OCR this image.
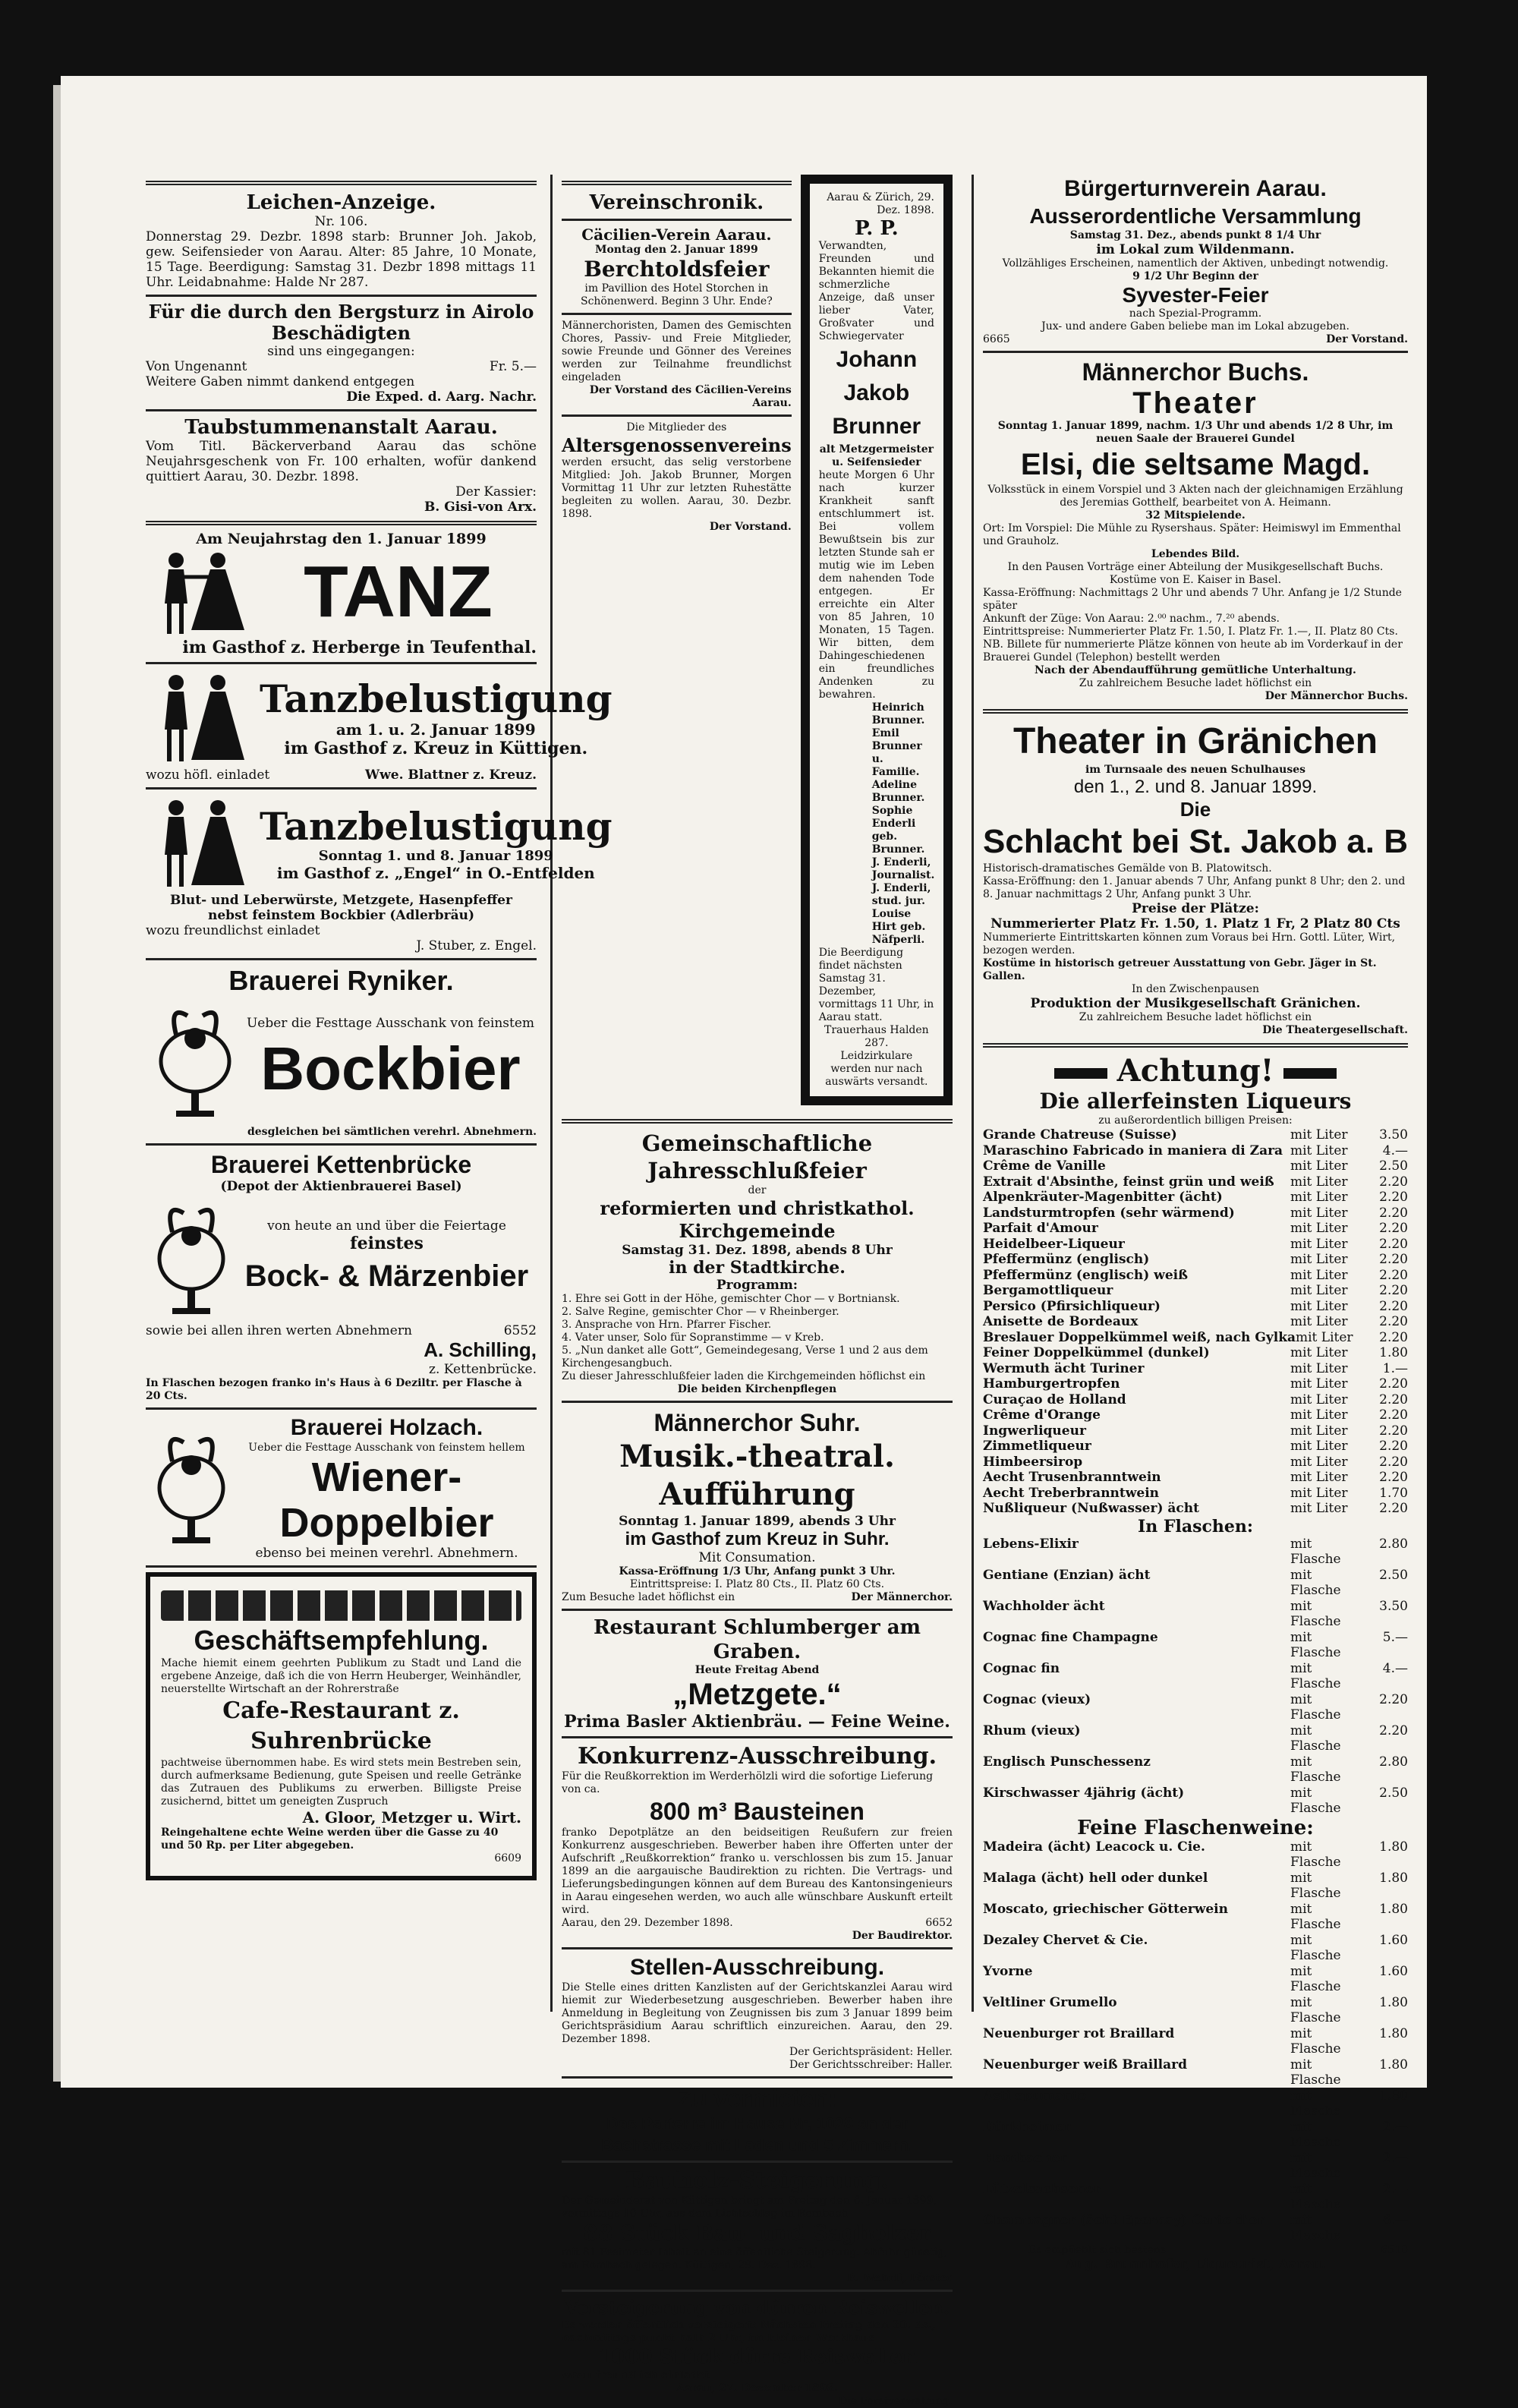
Leichen-Anzeige.
Nr. 106.
Donnerstag 29. Dezbr. 1898 starb: Brunner Joh. Jakob, gew. Seifensieder von Aarau. Alter: 85 Jahre, 10 Monate, 15 Tage. Beerdigung: Samstag 31. Dezbr 1898 mittags 11 Uhr. Leidabnahme: Halde Nr 287.
Für die durch den Bergsturz in Airolo Beschädigten
sind uns eingegangen:
Von Ungenannt	Fr. 5.—
Weitere Gaben nimmt dankend entgegen
Die Exped. d. Aarg. Nachr.
Taubstummenanstalt Aarau.
Vom Titl. Bäckerverband Aarau das schöne Neujahrsgeschenk von Fr. 100 erhalten, wofür dankend quittiert Aarau, 30. Dezbr. 1898.
Der Kassier:
B. Gisi-von Arx.
Am Neujahrstag den 1. Januar 1899
TANZ
im Gasthof z. Herberge in Teufenthal.
Tanzbelustigung
am 1. u. 2. Januar 1899
im Gasthof z. Kreuz in Küttigen.
wozu höfl. einladet	Wwe. Blattner z. Kreuz.
Tanzbelustigung
Sonntag 1. und 8. Januar 1899
im Gasthof z. „Engel“ in O.-Entfelden
Blut- und Leberwürste, Metzgete, Hasenpfeffer
nebst feinstem Bockbier (Adlerbräu)
wozu freundlichst einladet
J. Stuber, z. Engel.
Brauerei Ryniker.
Ueber die Festtage Ausschank von feinstem
Bockbier
desgleichen bei sämtlichen verehrl. Abnehmern.
Brauerei Kettenbrücke
(Depot der Aktienbrauerei Basel)
von heute an und über die Feiertage
feinstes
Bock- & Märzenbier
sowie bei allen ihren werten Abnehmern	6552
A. Schilling,
z. Kettenbrücke.
In Flaschen bezogen franko in's Haus à 6 Deziltr. per Flasche à 20 Cts.
Brauerei Holzach.
Ueber die Festtage Ausschank von feinstem hellem
Wiener-
Doppelbier
ebenso bei meinen verehrl. Abnehmern.
Geschäftsempfehlung.
Mache hiemit einem geehrten Publikum zu Stadt und Land die ergebene Anzeige, daß ich die von Herrn Heuberger, Weinhändler, neuerstellte Wirtschaft an der Rohrerstraße
Cafe-Restaurant z. Suhrenbrücke
pachtweise übernommen habe. Es wird stets mein Bestreben sein, durch aufmerksame Bedienung, gute Speisen und reelle Getränke das Zutrauen des Publikums zu erwerben. Billigste Preise zusichernd, bittet um geneigten Zuspruch
A. Gloor, Metzger u. Wirt.
Reingehaltene echte Weine werden über die Gasse zu 40 und 50 Rp. per Liter abgegeben.
6609
Vereinschronik.
Cäcilien-Verein Aarau.
Montag den 2. Januar 1899
Berchtoldsfeier
im Pavillion des Hotel Storchen in Schönenwerd. Beginn 3 Uhr. Ende?
Männerchoristen, Damen des Gemischten Chores, Passiv- und Freie Mitglieder, sowie Freunde und Gönner des Vereines werden zur Teilnahme freundlichst eingeladen
Der Vorstand des Cäcilien-Vereins Aarau.
Die Mitglieder des
Altersgenossenvereins
werden ersucht, das selig verstorbene Mitglied: Joh. Jakob Brunner, Morgen Vormittag 11 Uhr zur letzten Ruhestätte begleiten zu wollen. Aarau, 30. Dezbr. 1898.
Der Vorstand.
Aarau & Zürich, 29. Dez. 1898.
P. P.
Verwandten, Freunden und Bekannten hiemit die schmerzliche Anzeige, daß unser lieber Vater, Großvater und Schwiegervater
Johann Jakob Brunner
alt Metzgermeister u. Seifensieder
heute Morgen 6 Uhr nach kurzer Krankheit sanft entschlummert ist. Bei vollem Bewußtsein bis zur letzten Stunde sah er mutig wie im Leben dem nahenden Tode entgegen. Er erreichte ein Alter von 85 Jahren, 10 Monaten, 15 Tagen. Wir bitten, dem Dahingeschiedenen ein freundliches Andenken zu bewahren.
Heinrich Brunner.
Emil Brunner u. Familie.
Adeline Brunner.
Sophie Enderli geb. Brunner.
J. Enderli, Journalist.
J. Enderli, stud. jur.
Louise Hirt geb. Näfperli.
Die Beerdigung findet nächsten Samstag 31. Dezember, vormittags 11 Uhr, in Aarau statt.
Trauerhaus Halden 287.
Leidzirkulare werden nur nach auswärts versandt.
Gemeinschaftliche Jahresschlußfeier
der
reformierten und christkathol. Kirchgemeinde
Samstag 31. Dez. 1898, abends 8 Uhr
in der Stadtkirche.
Programm:
1. Ehre sei Gott in der Höhe, gemischter Chor — v Bortniansk.
2. Salve Regine, gemischter Chor — v Rheinberger.
3. Ansprache von Hrn. Pfarrer Fischer.
4. Vater unser, Solo für Sopranstimme — v Kreb.
5. „Nun danket alle Gott“, Gemeindegesang, Verse 1 und 2 aus dem Kirchengesangbuch.
Zu dieser Jahresschlußfeier laden die Kirchgemeinden höflichst ein
Die beiden Kirchenpflegen
Männerchor Suhr.
Musik.-theatral. Aufführung
Sonntag 1. Januar 1899, abends 3 Uhr
im Gasthof zum Kreuz in Suhr.
Mit Consumation.
Kassa-Eröffnung 1/3 Uhr, Anfang punkt 3 Uhr.
Eintrittspreise: I. Platz 80 Cts., II. Platz 60 Cts.
Zum Besuche ladet höflichst ein	Der Männerchor.
Restaurant Schlumberger am Graben.
Heute Freitag Abend
„Metzgete.“
Prima Basler Aktienbräu. — Feine Weine.
Konkurrenz-Ausschreibung.
Für die Reußkorrektion im Werderhölzli wird die sofortige Lieferung von ca.
800 m³ Bausteinen
franko Depotplätze an den beidseitigen Reußufern zur freien Konkurrenz ausgeschrieben. Bewerber haben ihre Offerten unter der Aufschrift „Reußkorrektion“ franko u. verschlossen bis zum 15. Januar 1899 an die aargauische Baudirektion zu richten. Die Vertrags- und Lieferungsbedingungen können auf dem Bureau des Kantonsingenieurs in Aarau eingesehen werden, wo auch alle wünschbare Auskunft erteilt wird.
Aarau, den 29. Dezember 1898.	6652
Der Baudirektor.
Stellen-Ausschreibung.
Die Stelle eines dritten Kanzlisten auf der Gerichtskanzlei Aarau wird hiemit zur Wiederbesetzung ausgeschrieben. Bewerber haben ihre Anmeldung in Begleitung von Zeugnissen bis zum 3 Januar 1899 beim Gerichtspräsidium Aarau schriftlich einzureichen. Aarau, den 29. Dezember 1898.
Der Gerichtspräsident: Heller.
Der Gerichtsschreiber: Haller.
Zu vermieten:
Das Parterre im Hause Nr, 1028 an der Bachstrasse mit Laden und 5 Zimmern.
Bauholz-Steigerung.
Der Gemeinderat von Küttigen bringt am Freitag den 6. Januar 1899, vormittags 10 Uhr, aus dem Lichtschlag im Rombach
88 Stück Bau- und Sagholzer
mit 81 Festmeter Inhalt an eine öffentliche Steigerung. Abfuhr günstig, am Rombach gelegen. Küttigen, 29. Dez. 1898.
R. Wehrli, Förster
Versteigerung von dürren Reiswellen.
Es werden öffentlich versteigert: Nächsten Freitag den 30. ds., nachmittags punkt halb 2 Uhr, im kleinen Werkhaus
1000 Stück dürre Reiswellen
wozu freundlich einladet
Aarau, 27. Dezember 1898.
Die Forstverwaltung.
Bürgerturnverein Aarau.
Ausserordentliche Versammlung
Samstag 31. Dez., abends punkt 8 1/4 Uhr
im Lokal zum Wildenmann.
Vollzähliges Erscheinen, namentlich der Aktiven, unbedingt notwendig.
9 1/2 Uhr Beginn der
Syvester-Feier
nach Spezial-Programm.
Jux- und andere Gaben beliebe man im Lokal abzugeben.
6665	Der Vorstand.
Männerchor Buchs.
Theater
Sonntag 1. Januar 1899, nachm. 1/3 Uhr und abends 1/2 8 Uhr, im neuen Saale der Brauerei Gundel
Elsi, die seltsame Magd.
Volksstück in einem Vorspiel und 3 Akten nach der gleichnamigen Erzählung des Jeremias Gotthelf, bearbeitet von A. Heimann.
32 Mitspielende.
Ort: Im Vorspiel: Die Mühle zu Rysershaus. Später: Heimiswyl im Emmenthal und Grauholz.
Lebendes Bild.
In den Pausen Vorträge einer Abteilung der Musikgesellschaft Buchs. Kostüme von E. Kaiser in Basel.
Kassa-Eröffnung: Nachmittags 2 Uhr und abends 7 Uhr. Anfang je 1/2 Stunde später
Ankunft der Züge: Von Aarau: 2.⁰⁰ nachm., 7.²⁰ abends.
Eintrittspreise: Nummerierter Platz Fr. 1.50, I. Platz Fr. 1.—, II. Platz 80 Cts.
NB. Billete für nummerierte Plätze können von heute ab im Vorderkauf in der Brauerei Gundel (Telephon) bestellt werden
Nach der Abendaufführung gemütliche Unterhaltung.
Zu zahlreichem Besuche ladet höflichst ein
Der Männerchor Buchs.
Theater in Gränichen
im Turnsaale des neuen Schulhauses
den 1., 2. und 8. Januar 1899.
Die
Schlacht bei St. Jakob a. B
Historisch-dramatisches Gemälde von B. Platowitsch.
Kassa-Eröffnung: den 1. Januar abends 7 Uhr, Anfang punkt 8 Uhr; den 2. und 8. Januar nachmittags 2 Uhr, Anfang punkt 3 Uhr.
Preise der Plätze:
Nummerierter Platz Fr. 1.50, 1. Platz 1 Fr, 2 Platz 80 Cts
Nummerierte Eintrittskarten können zum Voraus bei Hrn. Gottl. Lüter, Wirt, bezogen werden.
Kostüme in historisch getreuer Ausstattung von Gebr. Jäger in St. Gallen.
In den Zwischenpausen
Produktion der Musikgesellschaft Gränichen.
Zu zahlreichem Besuche ladet höflichst ein
Die Theatergesellschaft.
Achtung!
Die allerfeinsten Liqueurs
zu außerordentlich billigen Preisen:
Grande Chatreuse (Suisse)	mit Liter	3.50
Maraschino Fabricado in maniera di Zara mit Liter	4.—
Crême de Vanille	mit Liter	2.50
Extrait d'Absinthe, feinst grün und weiß	mit Liter	2.20
Alpenkräuter-Magenbitter (ächt)	mit Liter	2.20
Landsturmtropfen (sehr wärmend)	mit Liter	2.20
Parfait d'Amour	mit Liter	2.20
Heidelbeer-Liqueur	mit Liter	2.20
Pfeffermünz (englisch)	mit Liter	2.20
Pfeffermünz (englisch) weiß	mit Liter	2.20
Bergamottliqueur	mit Liter	2.20
Persico (Pfirsichliqueur)	mit Liter	2.20
Anisette de Bordeaux	mit Liter	2.20
Breslauer Doppelkümmel weiß, nach Gylka mit Liter	2.20
Feiner Doppelkümmel (dunkel)	mit Liter	1.80
Wermuth ächt Turiner	mit Liter	1.—
Hamburgertropfen	mit Liter	2.20
Curaçao de Holland	mit Liter	2.20
Crême d'Orange	mit Liter	2.20
Ingwerliqueur	mit Liter	2.20
Zimmetliqueur	mit Liter	2.20
Himbeersirop	mit Liter	2.20
Aecht Trusenbranntwein	mit Liter	2.20
Aecht Treberbranntwein	mit Liter	1.70
Nußliqueur (Nußwasser) ächt	mit Liter	2.20
In Flaschen:
Lebens-Elixir	mit Flasche
2.80
Gentiane (Enzian) ächt	mit Flasche
2.50
Wachholder ächt	mit Flasche
3.50
Cognac fine Champagne	mit Flasche
5.—
Cognac fin	mit Flasche
4.—
Cognac (vieux)	mit Flasche
2.20
Rhum (vieux)	mit Flasche
2.20
Englisch Punschessenz	mit Flasche
2.80
Kirschwasser 4jährig (ächt)	mit Flasche
2.50
Feine Flaschenweine:
Madeira (ächt) Leacock u. Cie.	mit Flasche
1.80
Malaga (ächt) hell oder dunkel	mit Flasche
1.80
Moscato, griechischer Götterwein	mit Flasche
1.80
Dezaley Chervet & Cie.	mit Flasche
1.60
Yvorne	mit Flasche
1.60
Veltliner Grumello	mit Flasche
1.80
Neuenburger rot Braillard	mit Flasche
1.80
Neuenburger weiß Braillard	mit Flasche
1.80
Asti spumante	mit Flasche
1.80
Dürkheimer	mit Flasche
2.—
Hambacher	mit Flasche
2.—
Lützelsachsener	mit Flasche
2.—
Champagner (ächt Epernay) Carte d'or	mit Flasche
6.—
Es empfiehlt sich bestens	6510
Aug. Brunnhofer, Liqueurist, Aarau.
